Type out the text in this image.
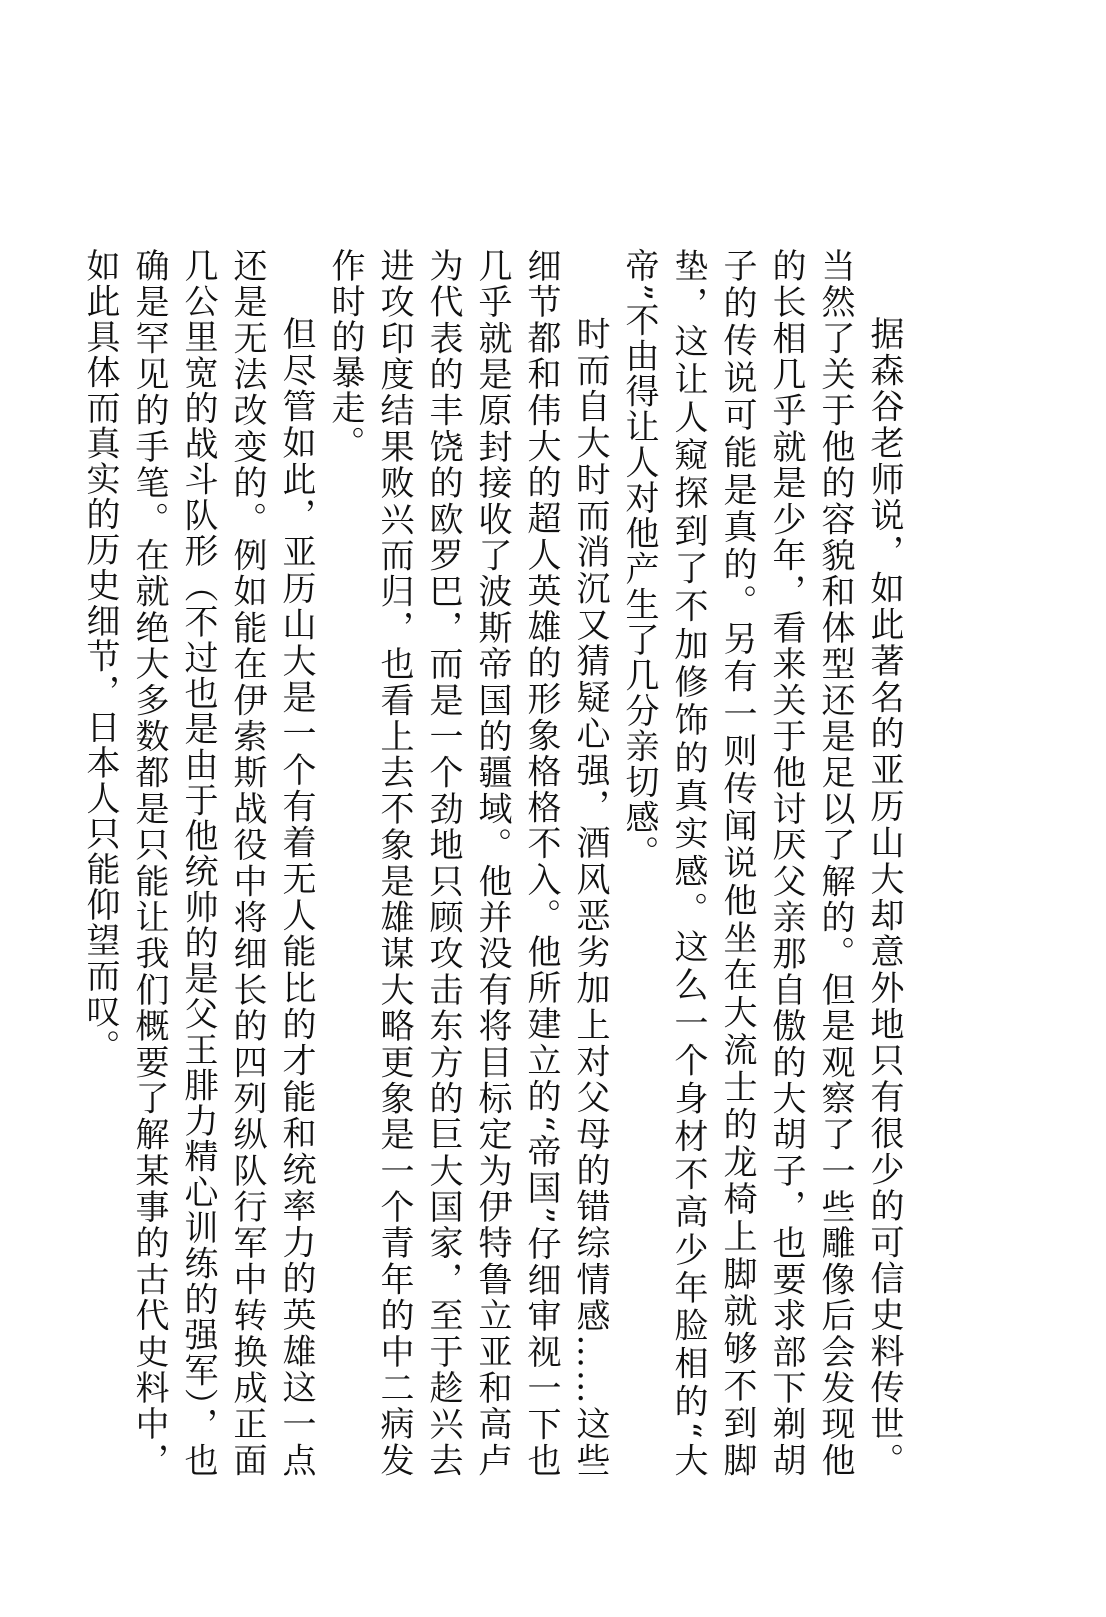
据森谷老师说，如此著名的亚历山大却意外地只有很少的可信史料传世。当然了关于他的容貌和体型还是足以了解的。但是观察了一些雕像后会发现他的长相几乎就是少年，看来关于他讨厌父亲那自傲的大胡子，也要求部下剃胡子的传说可能是真的。另有一则传闻说他坐在大流士的龙椅上脚就够不到脚垫，这让人窥探到了不加修饰的真实感。这么一个身材不高少年脸相的“大帝”不由得让人对他产生了几分亲切感。

时而自大时而消沉又猜疑心强，酒风恶劣加上对父母的错综情感……这些细节都和伟大的超人英雄的形象格格不入。他所建立的“帝国”仔细审视一下也几乎就是原封接收了波斯帝国的疆域。他并没有将目标定为伊特鲁立亚和高卢为代表的丰饶的欧罗巴，而是一个劲地只顾攻击东方的巨大国家，至于趁兴去进攻印度结果败兴而归，也看上去不象是雄谋大略更象是一个青年的中二病发作时的暴走。

但尽管如此，亚历山大是一个有着无人能比的才能和统率力的英雄这一点还是无法改变的。例如能在伊索斯战役中将细长的四列纵队行军中转换成正面几公里宽的战斗队形（不过也是由于他统帅的是父王腓力精心训练的强军），也确是罕见的手笔。在就绝大多数都是只能让我们概要了解某事的古代史料中，如此具体而真实的历史细节，日本人只能仰望而叹。
